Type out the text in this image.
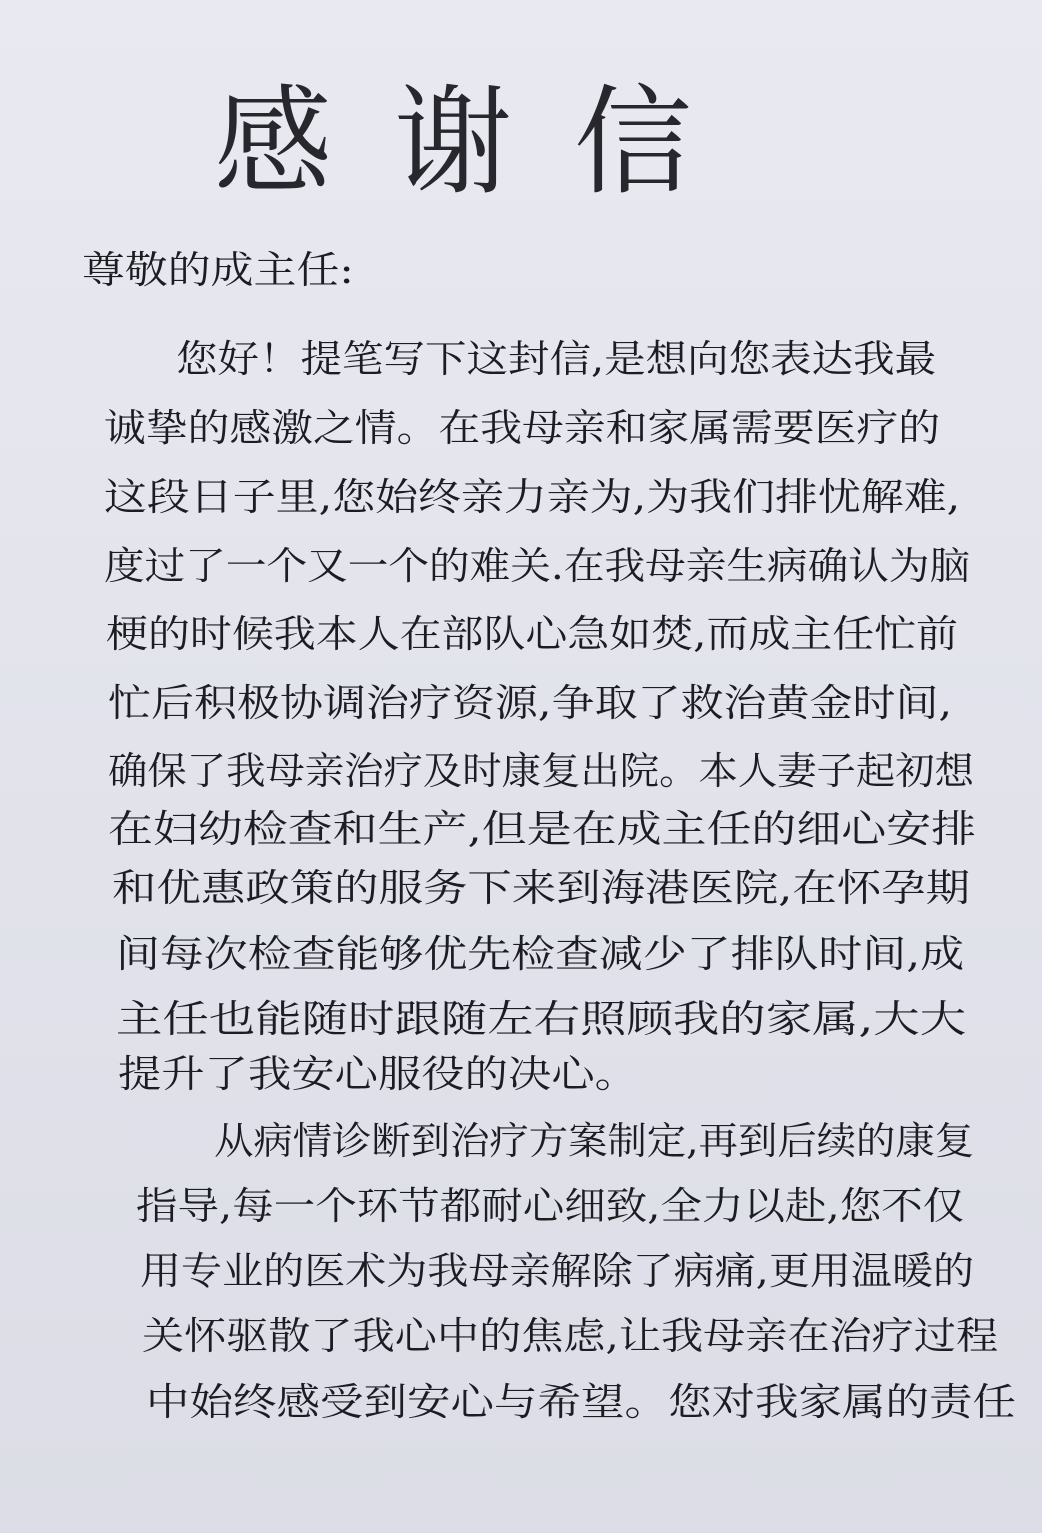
感谢信

尊敬的成主任:

您好！提笔写下这封信,是想向您表达我最

诚挚的感激之情。在我母亲和家属需要医疗的

这段日子里,您始终亲力亲为,为我们排忧解难,

度过了一个又一个的难关.在我母亲生病确认为脑

梗的时候我本人在部队心急如焚,而成主任忙前

忙后积极协调治疗资源,争取了救治黄金时间,

确保了我母亲治疗及时康复出院。本人妻子起初想

在妇幼检查和生产,但是在成主任的细心安排

和优惠政策的服务下来到海港医院,在怀孕期

间每次检查能够优先检查减少了排队时间,成

主任也能随时跟随左右照顾我的家属,大大

提升了我安心服役的决心。

从病情诊断到治疗方案制定,再到后续的康复

指导,每一个环节都耐心细致,全力以赴,您不仅

用专业的医术为我母亲解除了病痛,更用温暖的

关怀驱散了我心中的焦虑,让我母亲在治疗过程

中始终感受到安心与希望。您对我家属的责任
